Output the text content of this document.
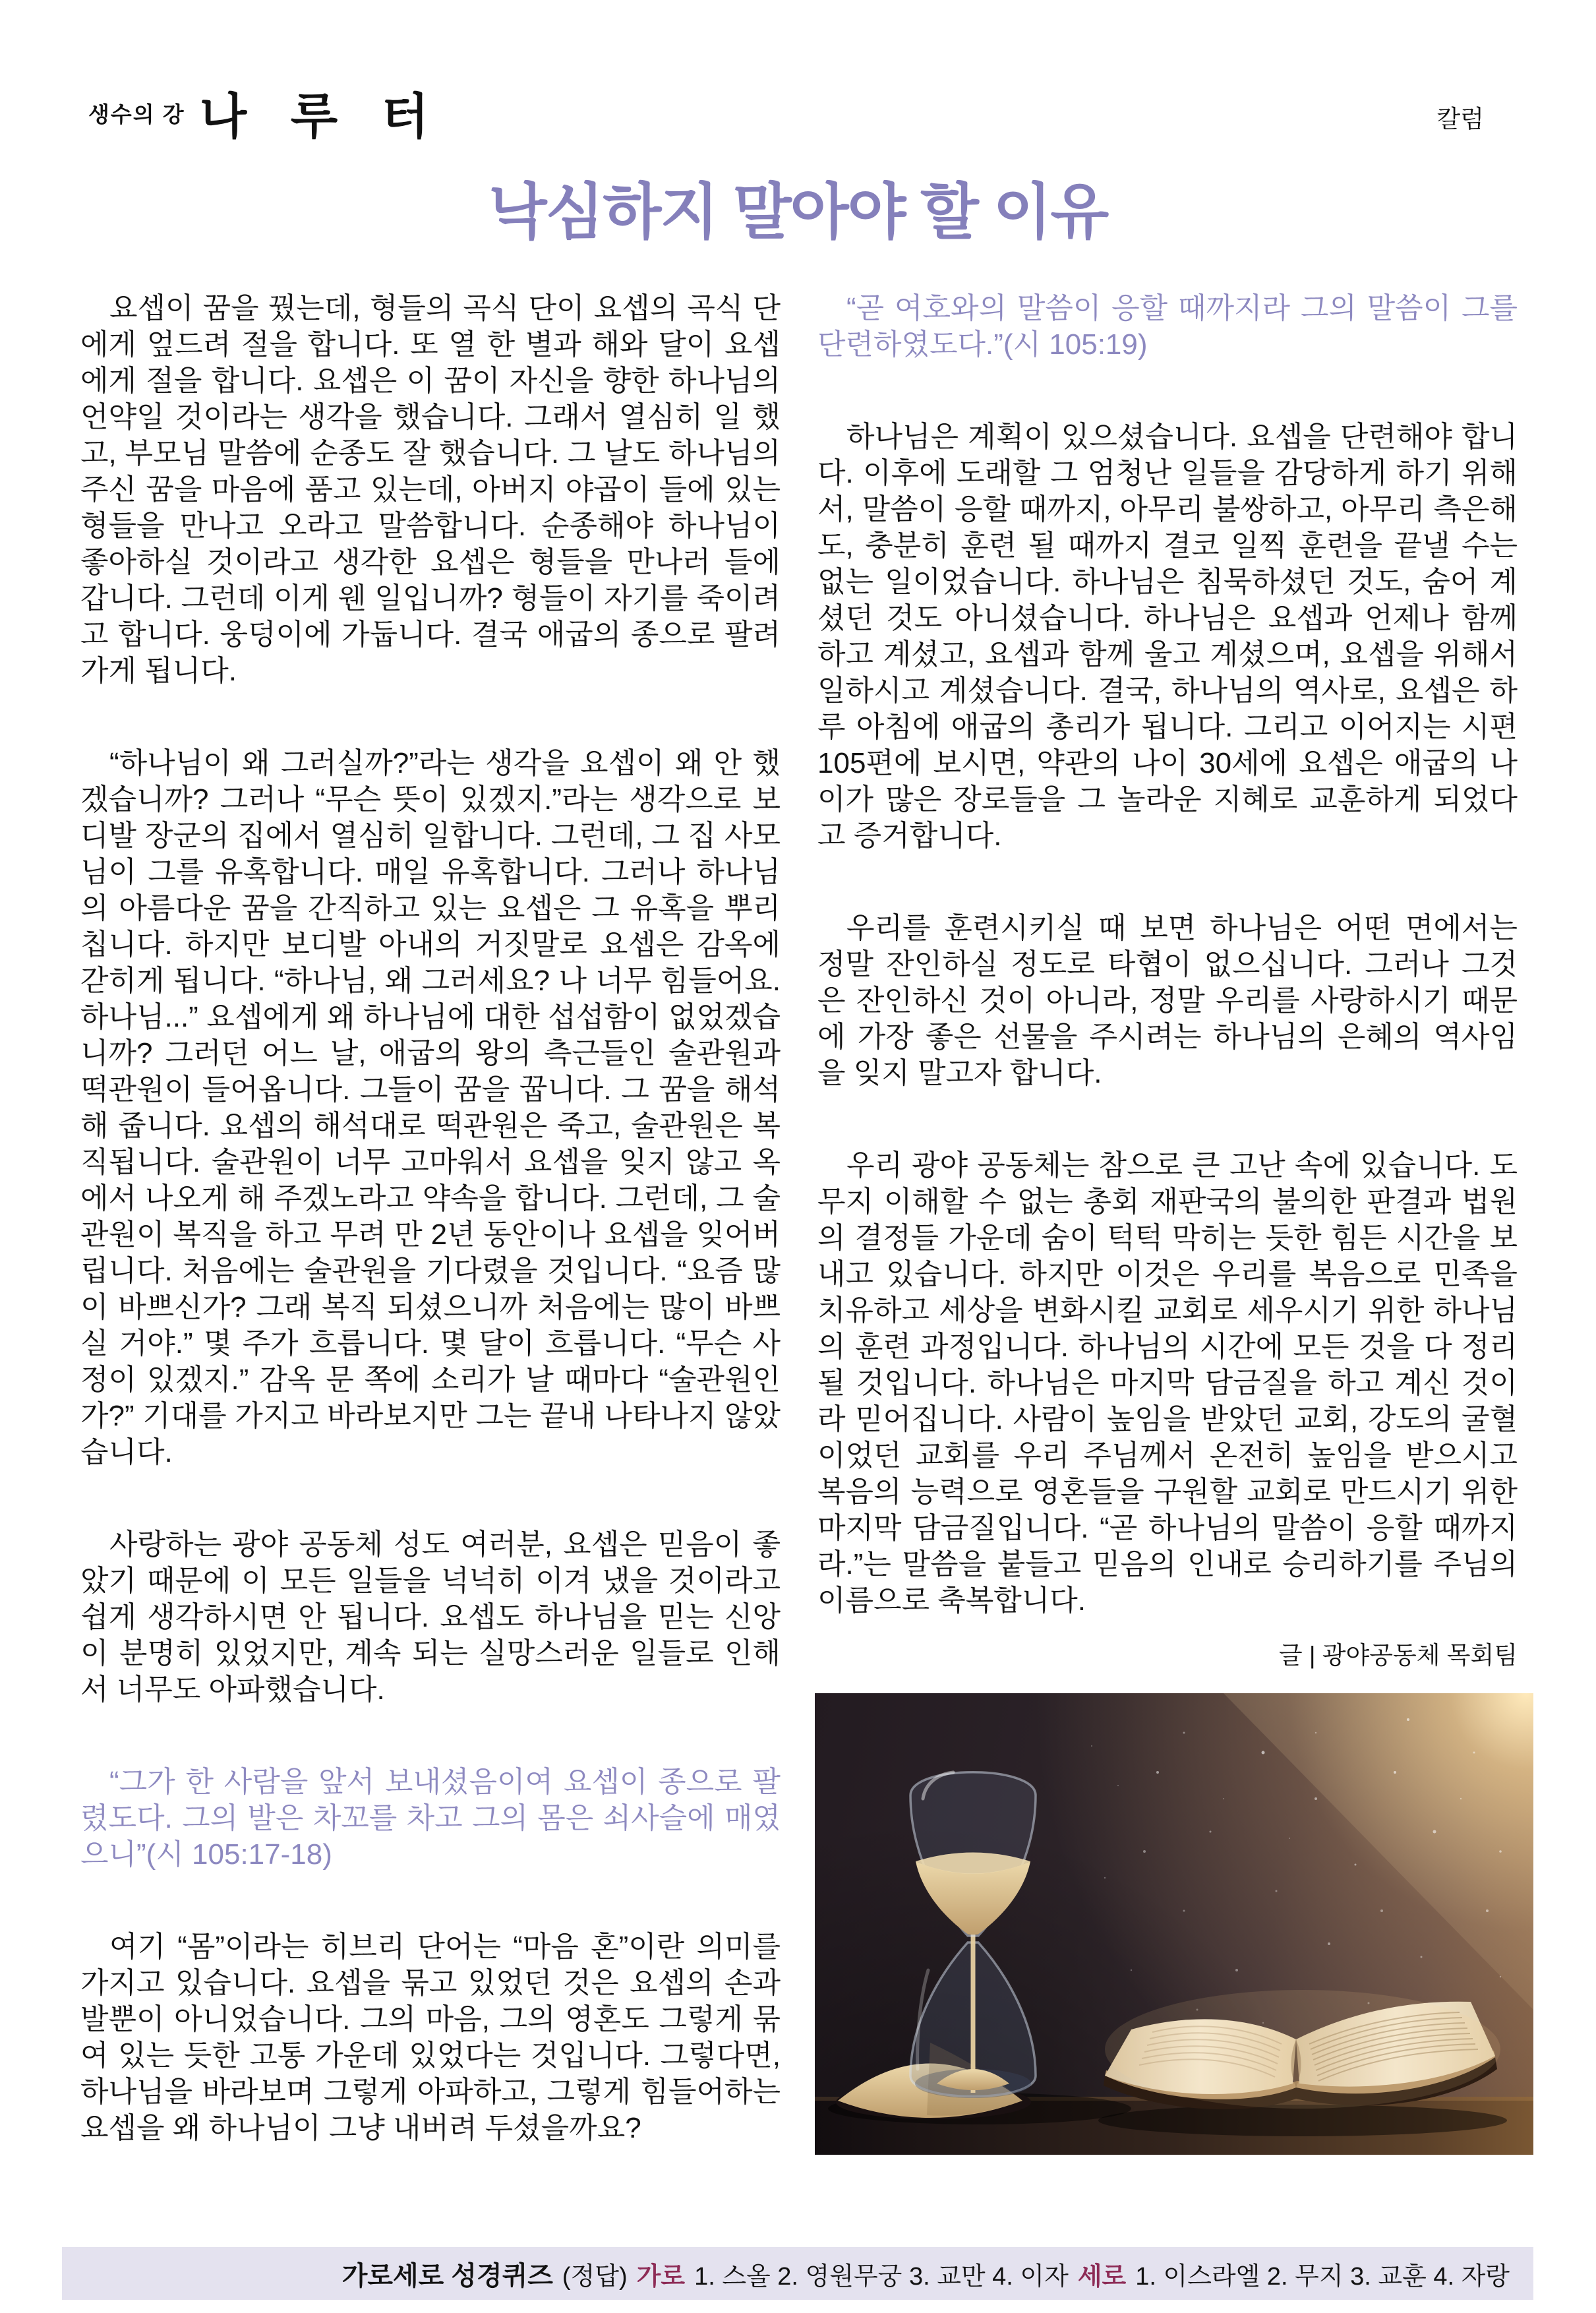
생수의 강 나 루 터	칼럼
낙심하지 말아야 할 이유

요셉이 꿈을 꿨는데, 형들의 곡식 단이 요셉의 곡식 단에게 엎드려 절을 합니다. 또 열 한 별과 해와 달이 요셉에게 절을 합니다. 요셉은 이 꿈이 자신을 향한 하나님의 언약일 것이라는 생각을 했습니다. 그래서 열심히 일 했고, 부모님 말씀에 순종도 잘 했습니다. 그 날도 하나님의 주신 꿈을 마음에 품고 있는데, 아버지 야곱이 들에 있는 형들을 만나고 오라고 말씀합니다. 순종해야 하나님이 좋아하실 것이라고 생각한 요셉은 형들을 만나러 들에 갑니다. 그런데 이게 웬 일입니까? 형들이 자기를 죽이려고 합니다. 웅덩이에 가둡니다. 결국 애굽의 종으로 팔려가게 됩니다.

“하나님이 왜 그러실까?”라는 생각을 요셉이 왜 안 했겠습니까? 그러나 “무슨 뜻이 있겠지.”라는 생각으로 보디발 장군의 집에서 열심히 일합니다. 그런데, 그 집 사모님이 그를 유혹합니다. 매일 유혹합니다. 그러나 하나님의 아름다운 꿈을 간직하고 있는 요셉은 그 유혹을 뿌리칩니다. 하지만 보디발 아내의 거짓말로 요셉은 감옥에 갇히게 됩니다. “하나님, 왜 그러세요? 나 너무 힘들어요. 하나님...” 요셉에게 왜 하나님에 대한 섭섭함이 없었겠습니까? 그러던 어느 날, 애굽의 왕의 측근들인 술관원과 떡관원이 들어옵니다. 그들이 꿈을 꿉니다. 그 꿈을 해석해 줍니다. 요셉의 해석대로 떡관원은 죽고, 술관원은 복직됩니다. 술관원이 너무 고마워서 요셉을 잊지 않고 옥에서 나오게 해 주겠노라고 약속을 합니다. 그런데, 그 술관원이 복직을 하고 무려 만 2년 동안이나 요셉을 잊어버립니다. 처음에는 술관원을 기다렸을 것입니다. “요즘 많이 바쁘신가? 그래 복직 되셨으니까 처음에는 많이 바쁘실 거야.” 몇 주가 흐릅니다. 몇 달이 흐릅니다. “무슨 사정이 있겠지.” 감옥 문 쪽에 소리가 날 때마다 “술관원인가?” 기대를 가지고 바라보지만 그는 끝내 나타나지 않았습니다.

사랑하는 광야 공동체 성도 여러분, 요셉은 믿음이 좋았기 때문에 이 모든 일들을 넉넉히 이겨 냈을 것이라고 쉽게 생각하시면 안 됩니다. 요셉도 하나님을 믿는 신앙이 분명히 있었지만, 계속 되는 실망스러운 일들로 인해서 너무도 아파했습니다.

“그가 한 사람을 앞서 보내셨음이여 요셉이 종으로 팔렸도다. 그의 발은 차꼬를 차고 그의 몸은 쇠사슬에 매였으니”(시 105:17-18)

여기 “몸”이라는 히브리 단어는 “마음 혼”이란 의미를 가지고 있습니다. 요셉을 묶고 있었던 것은 요셉의 손과 발뿐이 아니었습니다. 그의 마음, 그의 영혼도 그렇게 묶여 있는 듯한 고통 가운데 있었다는 것입니다. 그렇다면, 하나님을 바라보며 그렇게 아파하고, 그렇게 힘들어하는 요셉을 왜 하나님이 그냥 내버려 두셨을까요?

“곧 여호와의 말씀이 응할 때까지라 그의 말씀이 그를 단련하였도다.”(시 105:19)

하나님은 계획이 있으셨습니다. 요셉을 단련해야 합니다. 이후에 도래할 그 엄청난 일들을 감당하게 하기 위해서, 말씀이 응할 때까지, 아무리 불쌍하고, 아무리 측은해도, 충분히 훈련 될 때까지 결코 일찍 훈련을 끝낼 수는 없는 일이었습니다. 하나님은 침묵하셨던 것도, 숨어 계셨던 것도 아니셨습니다. 하나님은 요셉과 언제나 함께 하고 계셨고, 요셉과 함께 울고 계셨으며, 요셉을 위해서 일하시고 계셨습니다. 결국, 하나님의 역사로, 요셉은 하루 아침에 애굽의 총리가 됩니다. 그리고 이어지는 시편 105편에 보시면, 약관의 나이 30세에 요셉은 애굽의 나이가 많은 장로들을 그 놀라운 지혜로 교훈하게 되었다고 증거합니다.

우리를 훈련시키실 때 보면 하나님은 어떤 면에서는 정말 잔인하실 정도로 타협이 없으십니다. 그러나 그것은 잔인하신 것이 아니라, 정말 우리를 사랑하시기 때문에 가장 좋은 선물을 주시려는 하나님의 은혜의 역사임을 잊지 말고자 합니다.

우리 광야 공동체는 참으로 큰 고난 속에 있습니다. 도무지 이해할 수 없는 총회 재판국의 불의한 판결과 법원의 결정들 가운데 숨이 턱턱 막히는 듯한 힘든 시간을 보내고 있습니다. 하지만 이것은 우리를 복음으로 민족을 치유하고 세상을 변화시킬 교회로 세우시기 위한 하나님의 훈련 과정입니다. 하나님의 시간에 모든 것을 다 정리 될 것입니다. 하나님은 마지막 담금질을 하고 계신 것이라 믿어집니다. 사람이 높임을 받았던 교회, 강도의 굴혈이었던 교회를 우리 주님께서 온전히 높임을 받으시고 복음의 능력으로 영혼들을 구원할 교회로 만드시기 위한 마지막 담금질입니다. “곧 하나님의 말씀이 응할 때까지라.”는 말씀을 붙들고 믿음의 인내로 승리하기를 주님의 이름으로 축복합니다.

글 | 광야공동체 목회팀
가로세로 성경퀴즈 (정답) 가로 1. 스올 2. 영원무궁 3. 교만 4. 이자 세로 1. 이스라엘 2. 무지 3. 교훈 4. 자랑
